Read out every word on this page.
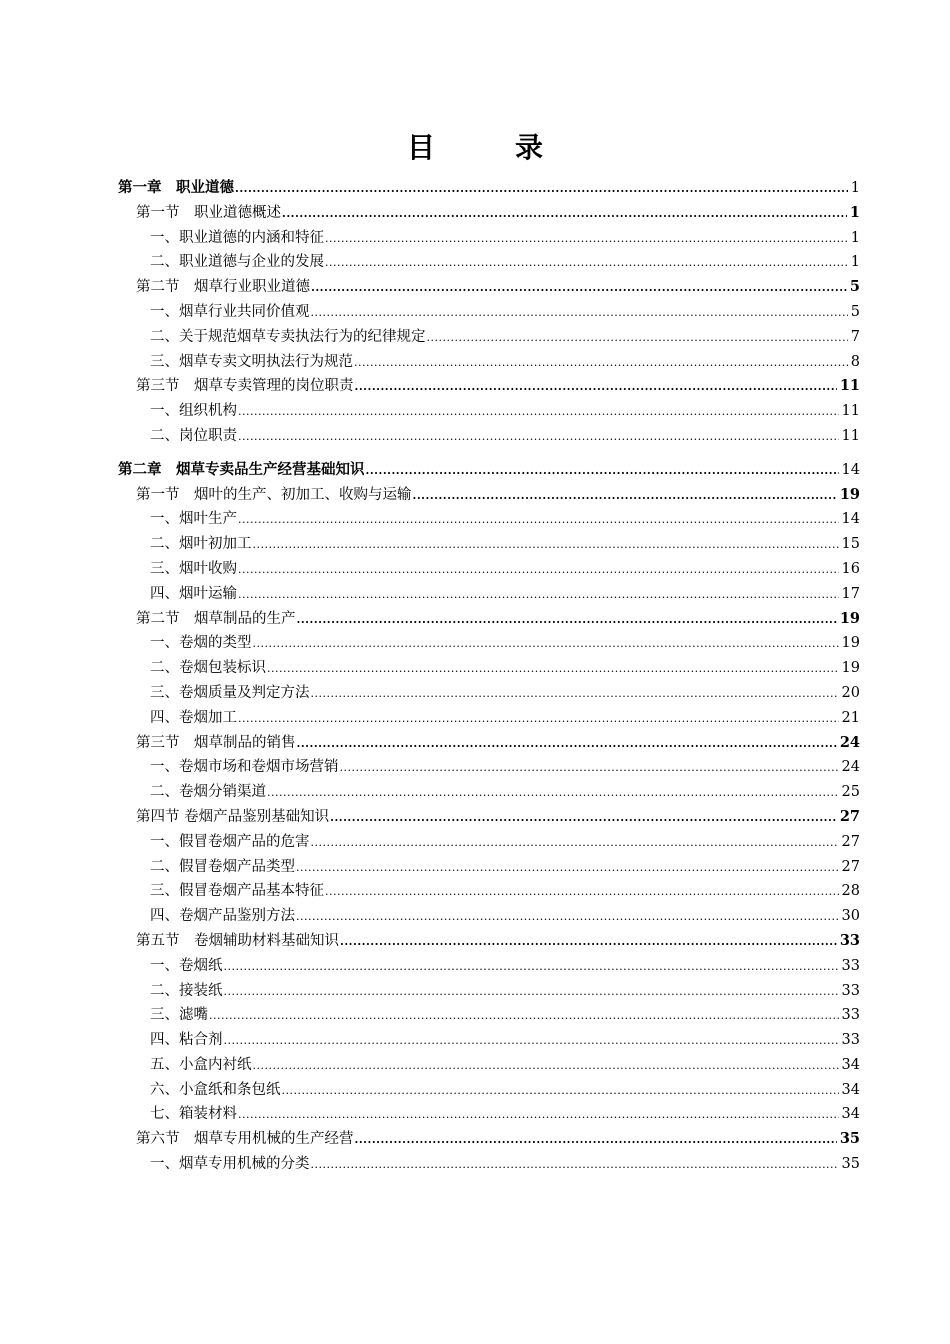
目　录
第一章　职业道德 .....	1
第一节　职业道德概述 .....	1
一、职业道德的内涵和特征 .....	1
二、职业道德与企业的发展 .....	1
第二节　烟草行业职业道德 .....	5
一、烟草行业共同价值观 .....	5
二、关于规范烟草专卖执法行为的纪律规定 .....	7
三、烟草专卖文明执法行为规范 .....	8
第三节　烟草专卖管理的岗位职责 .....	11
一、组织机构 .....	11
二、岗位职责 .....	11
第二章　烟草专卖品生产经营基础知识 .....	14
第一节　烟叶的生产、初加工、收购与运输 .....	19
一、烟叶生产 .....	14
二、烟叶初加工 .....	15
三、烟叶收购 .....	16
四、烟叶运输 .....	17
第二节　烟草制品的生产 .....	19
一、卷烟的类型 .....	19
二、卷烟包装标识 .....	19
三、卷烟质量及判定方法 .....	20
四、卷烟加工 .....	21
第三节　烟草制品的销售 .....	24
一、卷烟市场和卷烟市场营销 .....	24
二、卷烟分销渠道 .....	25
第四节 卷烟产品鉴别基础知识 .....	27
一、假冒卷烟产品的危害 .....	27
二、假冒卷烟产品类型 .....	27
三、假冒卷烟产品基本特征 .....	28
四、卷烟产品鉴别方法 .....	30
第五节　卷烟辅助材料基础知识 .....	33
一、卷烟纸 .....	33
二、接装纸 .....	33
三、滤嘴 .....	33
四、粘合剂 .....	33
五、小盒内衬纸 .....	34
六、小盒纸和条包纸 .....	34
七、箱装材料 .....	34
第六节　烟草专用机械的生产经营 .....	35
一、烟草专用机械的分类 .....	35
